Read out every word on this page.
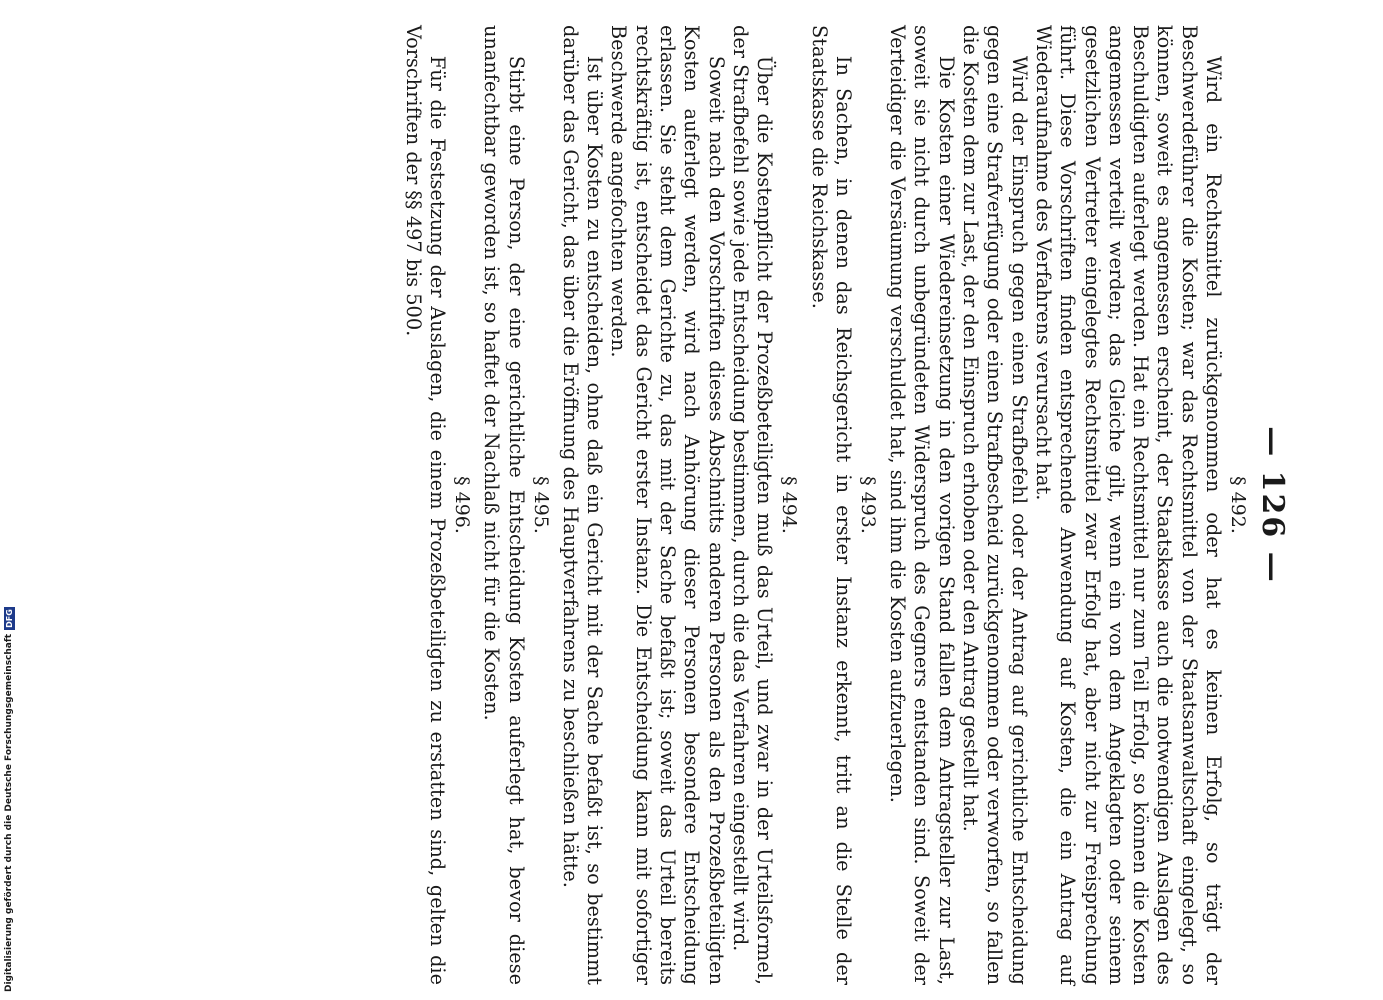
— 126 —
§ 492.

Wird ein Rechtsmittel zurückgenommen oder hat es keinen Erfolg, so trägt der Beschwerdeführer die Kosten; war das Rechtsmittel von der Staatsanwaltschaft eingelegt, so können, soweit es angemessen erscheint, der Staatskasse auch die notwendigen Auslagen des Beschuldigten auferlegt werden. Hat ein Rechtsmittel nur zum Teil Erfolg, so können die Kosten angemessen verteilt werden; das Gleiche gilt, wenn ein von dem Angeklagten oder seinem gesetzlichen Vertreter eingelegtes Rechtsmittel zwar Erfolg hat, aber nicht zur Freisprechung führt. Diese Vorschriften finden entsprechende Anwendung auf Kosten, die ein Antrag auf Wiederaufnahme des Verfahrens verursacht hat.

Wird der Einspruch gegen einen Strafbefehl oder der Antrag auf gerichtliche Entscheidung gegen eine Strafverfügung oder einen Strafbescheid zurückgenommen oder verworfen, so fallen die Kosten dem zur Last, der den Einspruch erhoben oder den Antrag gestellt hat.

Die Kosten einer Wiedereinsetzung in den vorigen Stand fallen dem Antragsteller zur Last, soweit sie nicht durch unbegründeten Widerspruch des Gegners entstanden sind. Soweit der Verteidiger die Versäumung verschuldet hat, sind ihm die Kosten aufzuerlegen.

§ 493.

In Sachen, in denen das Reichsgericht in erster Instanz erkennt, tritt an die Stelle der Staatskasse die Reichskasse.

§ 494.

Über die Kostenpflicht der Prozeßbeteiligten muß das Urteil, und zwar in der Urteilsformel, der Strafbefehl sowie jede Entscheidung bestimmen, durch die das Verfahren eingestellt wird.

Soweit nach den Vorschriften dieses Abschnitts anderen Personen als den Prozeßbeteiligten Kosten auferlegt werden, wird nach Anhörung dieser Personen besondere Entscheidung erlassen. Sie steht dem Gerichte zu, das mit der Sache befaßt ist; soweit das Urteil bereits rechtskräftig ist, entscheidet das Gericht erster Instanz. Die Entscheidung kann mit sofortiger Beschwerde angefochten werden.

Ist über Kosten zu entscheiden, ohne daß ein Gericht mit der Sache befaßt ist, so bestimmt darüber das Gericht, das über die Eröffnung des Hauptverfahrens zu beschließen hätte.

§ 495.

Stirbt eine Person, der eine gerichtliche Entscheidung Kosten auferlegt hat, bevor diese unanfechtbar geworden ist, so haftet der Nachlaß nicht für die Kosten.

§ 496.

Für die Festsetzung der Auslagen, die einem Prozeßbeteiligten zu erstatten sind, gelten die Vorschriften der §§ 497 bis 500.

Digitalisierung gefördert durch die Deutsche Forschungsgemeinschaft
DFG
